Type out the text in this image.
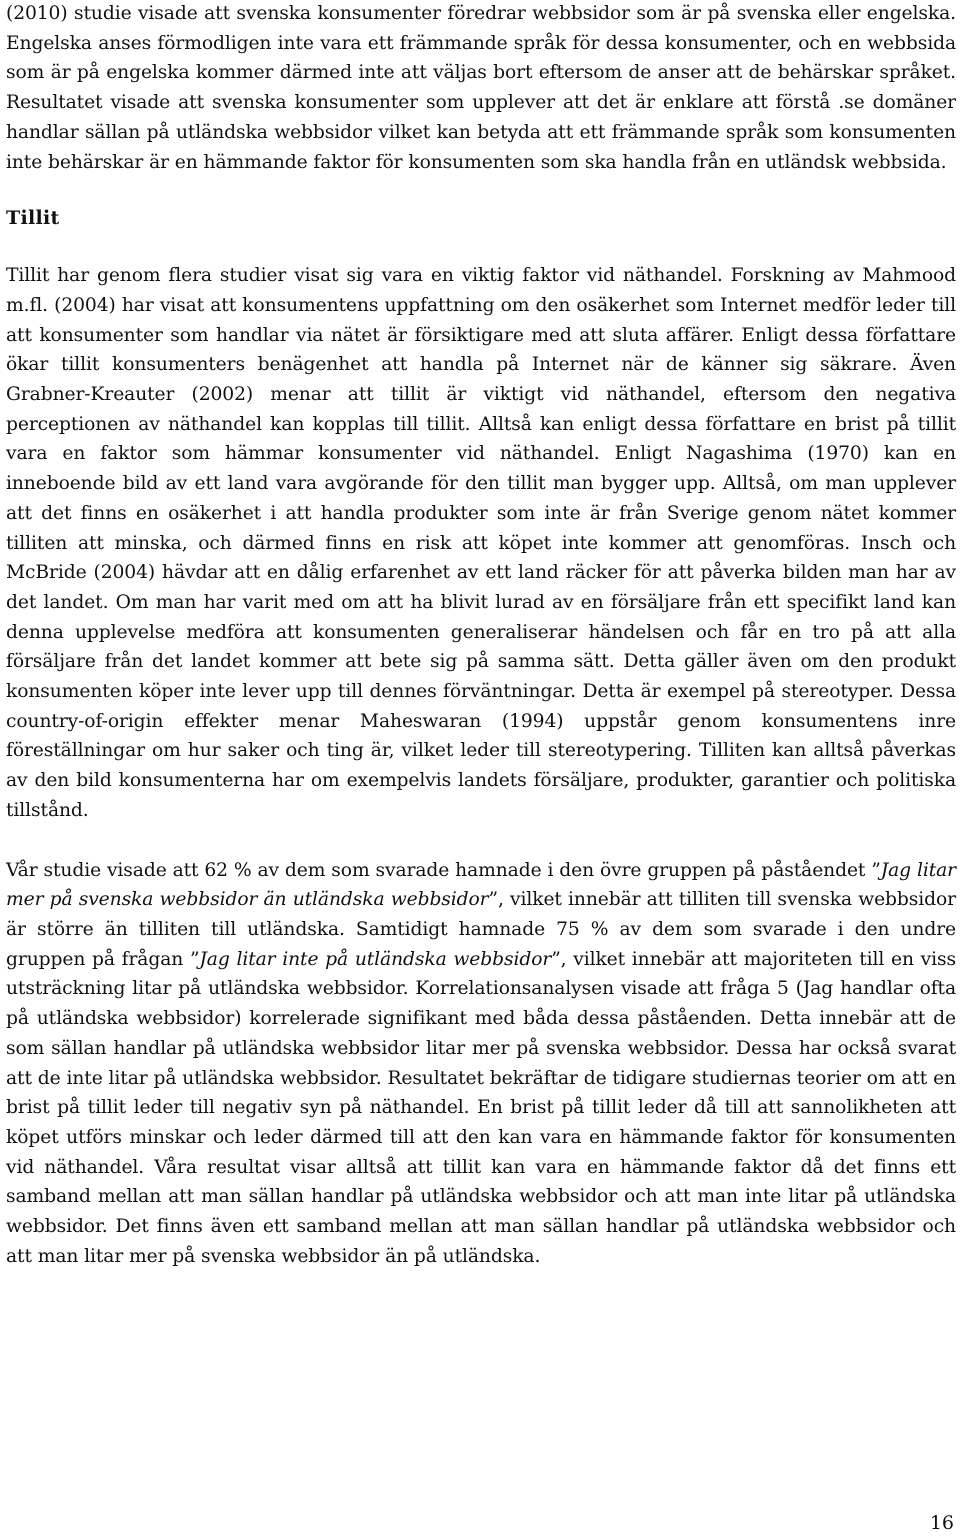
(2010) studie visade att svenska konsumenter föredrar webbsidor som är på svenska eller engelska. Engelska anses förmodligen inte vara ett främmande språk för dessa konsumenter, och en webbsida som är på engelska kommer därmed inte att väljas bort eftersom de anser att de behärskar språket. Resultatet visade att svenska konsumenter som upplever att det är enklare att förstå .se domäner handlar sällan på utländska webbsidor vilket kan betyda att ett främmande språk som konsumenten inte behärskar är en hämmande faktor för konsumenten som ska handla från en utländsk webbsida.

Tillit

Tillit har genom flera studier visat sig vara en viktig faktor vid näthandel. Forskning av Mahmood m.fl. (2004) har visat att konsumentens uppfattning om den osäkerhet som Internet medför leder till att konsumenter som handlar via nätet är försiktigare med att sluta affärer. Enligt dessa författare ökar tillit konsumenters benägenhet att handla på Internet när de känner sig säkrare. Även Grabner-Kreauter (2002) menar att tillit är viktigt vid näthandel, eftersom den negativa perceptionen av näthandel kan kopplas till tillit. Alltså kan enligt dessa författare en brist på tillit vara en faktor som hämmar konsumenter vid näthandel. Enligt Nagashima (1970) kan en inneboende bild av ett land vara avgörande för den tillit man bygger upp. Alltså, om man upplever att det finns en osäkerhet i att handla produkter som inte är från Sverige genom nätet kommer tilliten att minska, och därmed finns en risk att köpet inte kommer att genomföras. Insch och McBride (2004) hävdar att en dålig erfarenhet av ett land räcker för att påverka bilden man har av det landet. Om man har varit med om att ha blivit lurad av en försäljare från ett specifikt land kan denna upplevelse medföra att konsumenten generaliserar händelsen och får en tro på att alla försäljare från det landet kommer att bete sig på samma sätt. Detta gäller även om den produkt konsumenten köper inte lever upp till dennes förväntningar. Detta är exempel på stereotyper. Dessa country-of-origin effekter menar Maheswaran (1994) uppstår genom konsumentens inre föreställningar om hur saker och ting är, vilket leder till stereotypering. Tilliten kan alltså påverkas av den bild konsumenterna har om exempelvis landets försäljare, produkter, garantier och politiska tillstånd.

Vår studie visade att 62 % av dem som svarade hamnade i den övre gruppen på påståendet ”Jag litar mer på svenska webbsidor än utländska webbsidor”, vilket innebär att tilliten till svenska webbsidor är större än tilliten till utländska. Samtidigt hamnade 75 % av dem som svarade i den undre gruppen på frågan ”Jag litar inte på utländska webbsidor”, vilket innebär att majoriteten till en viss utsträckning litar på utländska webbsidor. Korrelationsanalysen visade att fråga 5 (Jag handlar ofta på utländska webbsidor) korrelerade signifikant med båda dessa påståenden. Detta innebär att de som sällan handlar på utländska webbsidor litar mer på svenska webbsidor. Dessa har också svarat att de inte litar på utländska webbsidor. Resultatet bekräftar de tidigare studiernas teorier om att en brist på tillit leder till negativ syn på näthandel. En brist på tillit leder då till att sannolikheten att köpet utförs minskar och leder därmed till att den kan vara en hämmande faktor för konsumenten vid näthandel. Våra resultat visar alltså att tillit kan vara en hämmande faktor då det finns ett samband mellan att man sällan handlar på utländska webbsidor och att man inte litar på utländska webbsidor. Det finns även ett samband mellan att man sällan handlar på utländska webbsidor och att man litar mer på svenska webbsidor än på utländska.

16
